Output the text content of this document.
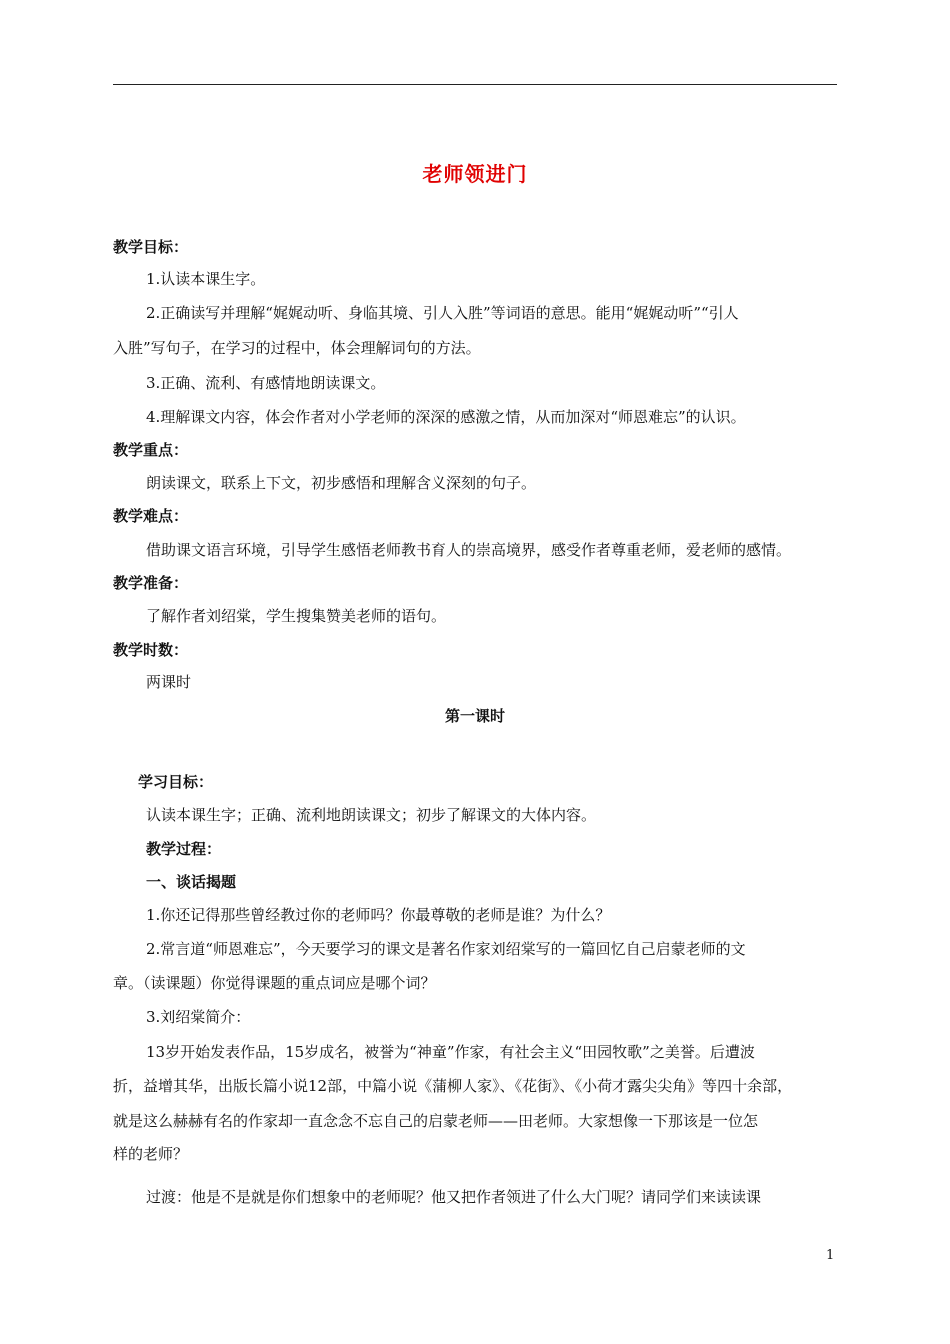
老师领进门
教学目标：
1.认读本课生字。
2.正确读写并理解“娓娓动听、身临其境、引人入胜”等词语的意思。能用“娓娓动听”“引人
入胜”写句子，在学习的过程中，体会理解词句的方法。
3.正确、流利、有感情地朗读课文。
4.理解课文内容，体会作者对小学老师的深深的感激之情，从而加深对“师恩难忘”的认识。
教学重点：
朗读课文，联系上下文，初步感悟和理解含义深刻的句子。
教学难点：
借助课文语言环境，引导学生感悟老师教书育人的崇高境界，感受作者尊重老师，爱老师的感情。
教学准备：
了解作者刘绍棠，学生搜集赞美老师的语句。
教学时数：
两课时
第一课时
学习目标：
认读本课生字；正确、流利地朗读课文；初步了解课文的大体内容。
教学过程：
一、谈话揭题
1.你还记得那些曾经教过你的老师吗？你最尊敬的老师是谁？为什么？
2.常言道“师恩难忘”，今天要学习的课文是著名作家刘绍棠写的一篇回忆自己启蒙老师的文
章。（读课题）你觉得课题的重点词应是哪个词？
3.刘绍棠简介：
13岁开始发表作品，15岁成名，被誉为“神童”作家，有社会主义“田园牧歌”之美誉。后遭波
折，益增其华，出版长篇小说12部，中篇小说《蒲柳人家》、《花街》、《小荷才露尖尖角》等四十余部，
就是这么赫赫有名的作家却一直念念不忘自己的启蒙老师——田老师。大家想像一下那该是一位怎
样的老师？
过渡：他是不是就是你们想象中的老师呢？他又把作者领进了什么大门呢？请同学们来读读课
1
